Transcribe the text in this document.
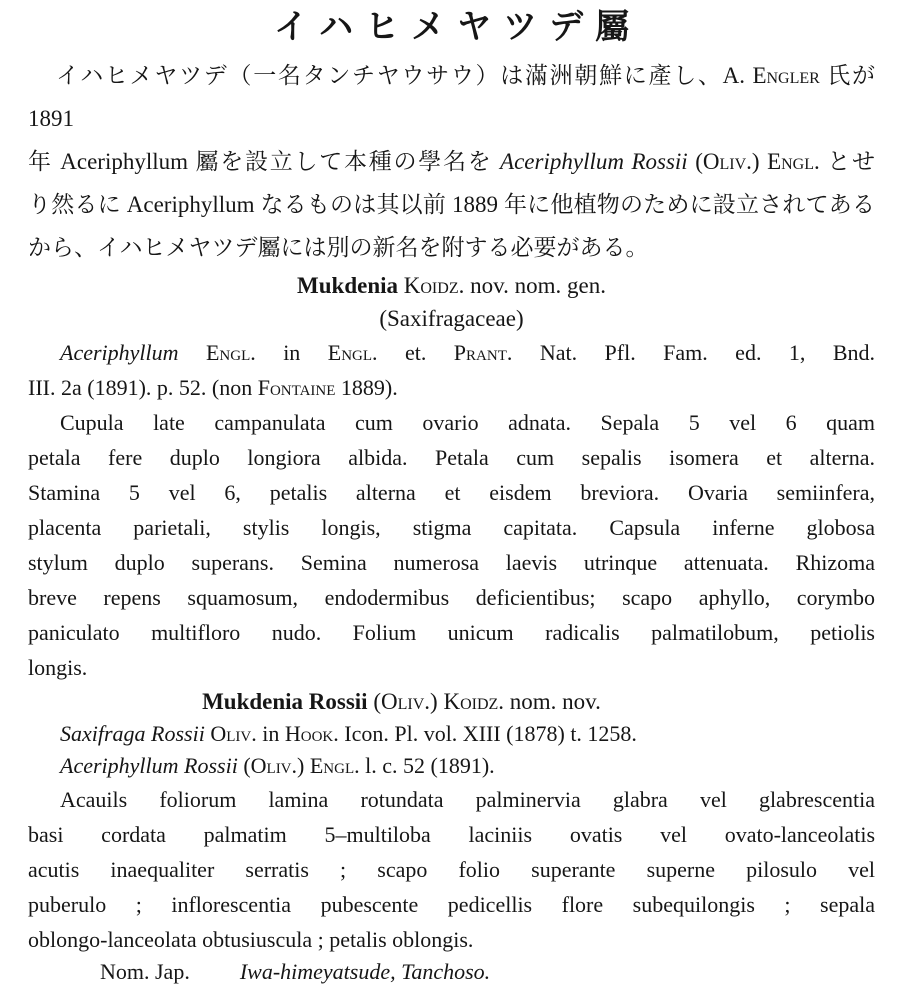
イハヒメヤツデ屬
イハヒメヤツデ（一名タンチヤウサウ）は滿洲朝鮮に產し、A. Engler 氏が 1891
年 Aceriphyllum 屬を設立して本種の學名を Aceriphyllum Rossii (Oliv.) Engl. とせ
り然るに Aceriphyllum なるものは其以前 1889 年に他植物のために設立されてある
から、イハヒメヤツデ屬には別の新名を附する必要がある。
Mukdenia Koidz. nov. nom. gen.
(Saxifragaceae)
Aceriphyllum Engl. in Engl. et. Prant. Nat. Pfl. Fam. ed. 1, Bnd.
III. 2a (1891). p. 52. (non Fontaine 1889).
Cupula late campanulata cum ovario adnata. Sepala 5 vel 6 quam
petala fere duplo longiora albida. Petala cum sepalis isomera et alterna.
Stamina 5 vel 6, petalis alterna et eisdem breviora. Ovaria semiinfera,
placenta parietali, stylis longis, stigma capitata. Capsula inferne globosa
stylum duplo superans. Semina numerosa laevis utrinque attenuata. Rhizoma
breve repens squamosum, endodermibus deficientibus; scapo aphyllo, corymbo
paniculato multifloro nudo. Folium unicum radicalis palmatilobum, petiolis
longis.
Mukdenia Rossii (Oliv.) Koidz. nom. nov.
Saxifraga Rossii Oliv. in Hook. Icon. Pl. vol. XIII (1878) t. 1258.
Aceriphyllum Rossii (Oliv.) Engl. l. c. 52 (1891).
Acauils foliorum lamina rotundata palminervia glabra vel glabrescentia
basi cordata palmatim 5–multiloba laciniis ovatis vel ovato-lanceolatis
acutis inaequaliter serratis ; scapo folio superante superne pilosulo vel
puberulo ; inflorescentia pubescente pedicellis flore subequilongis ; sepala
oblongo-lanceolata obtusiuscula ; petalis oblongis.
Nom. Jap. Iwa-himeyatsude, Tanchoso.
